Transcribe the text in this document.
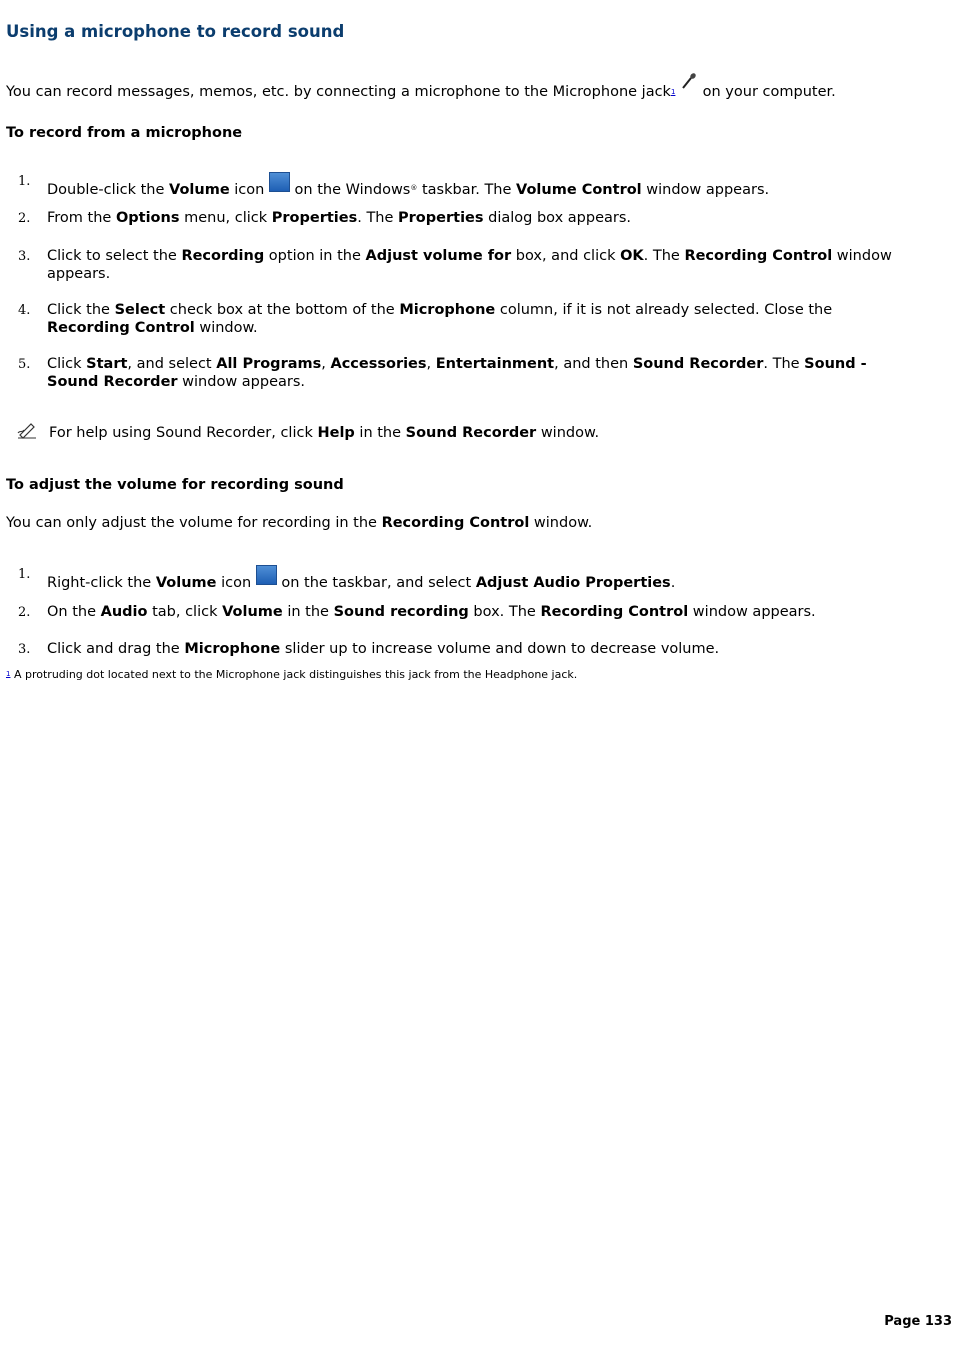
Using a microphone to record sound
You can record messages, memos, etc. by connecting a microphone to the Microphone jack$^1$  on your computer.
To record from a microphone
1.
Double-click the Volume icon  on the Windows® taskbar. The Volume Control window appears.
2. From the Options menu, click Properties. The Properties dialog box appears.
3. Click to select the Recording option in the Adjust volume for box, and click OK. The Recording Control window appears.
4. Click the Select check box at the bottom of the Microphone column, if it is not already selected. Close the Recording Control window.
5. Click Start, and select All Programs, Accessories, Entertainment, and then Sound Recorder. The Sound - Sound Recorder window appears.
For help using Sound Recorder, click Help in the Sound Recorder window.
To adjust the volume for recording sound
You can only adjust the volume for recording in the Recording Control window.
1.
Right-click the Volume icon  on the taskbar, and select Adjust Audio Properties.
2. On the Audio tab, click Volume in the Sound recording box. The Recording Control window appears.
3. Click and drag the Microphone slider up to increase volume and down to decrease volume.
$^1$ A protruding dot located next to the Microphone jack distinguishes this jack from the Headphone jack.
Page 133
